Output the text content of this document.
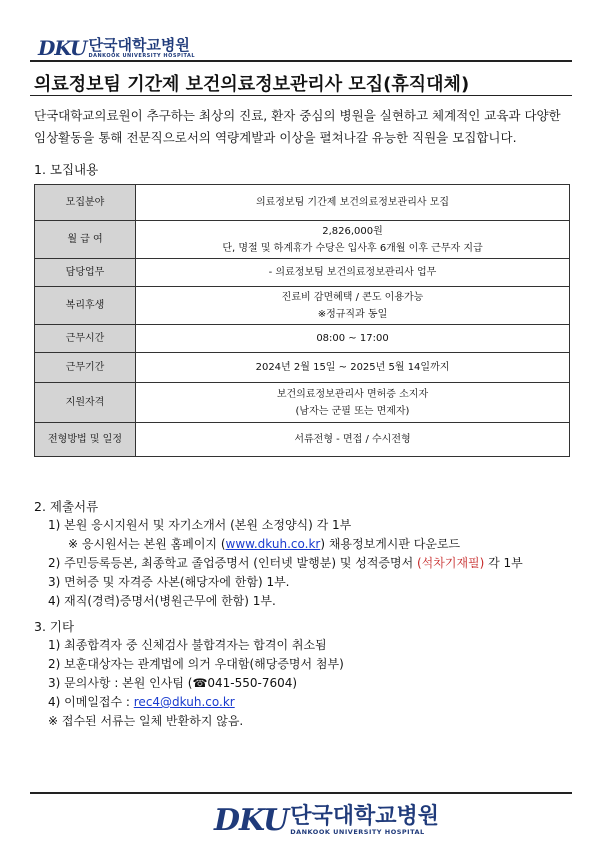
DKU 단국대학교병원
DANKOOK UNIVERSITY HOSPITAL
의료정보팀 기간제 보건의료정보관리사 모집(휴직대체)

단국대학교의료원이 추구하는 최상의 진료, 환자 중심의 병원을 실현하고 체계적인 교육과 다양한 임상활동을 통해 전문직으로서의 역량계발과 이상을 펼쳐나갈 유능한 직원을 모집합니다.

1. 모집내용

모집분야	의료정보팀 기간제 보건의료정보관리사 모집

월 급 여	2,826,000원
단, 명절 및 하계휴가 수당은 입사후 6개월 이후 근무자 지급

담당업무	- 의료정보팀 보건의료정보관리사 업무

복리후생	진료비 감면혜택 / 콘도 이용가능
※정규직과 동일

근무시간	08:00 ~ 17:00

근무기간	2024년 2월 15일 ~ 2025년 5월 14일까지

지원자격	보건의료정보관리사 면허증 소지자
(남자는 군필 또는 면제자)

전형방법 및 일정	서류전형 - 면접 / 수시전형

2. 제출서류

1) 본원 응시지원서 및 자기소개서 (본원 소정양식) 각 1부
※ 응시원서는 본원 홈페이지 (www.dkuh.co.kr) 채용정보게시판 다운로드
2) 주민등록등본, 최종학교 졸업증명서 (인터넷 발행분) 및 성적증명서 (석차기재필) 각 1부
3) 면허증 및 자격증 사본(해당자에 한함) 1부.
4) 재직(경력)증명서(병원근무에 한함) 1부.

3. 기타

1) 최종합격자 중 신체검사 불합격자는 합격이 취소됨
2) 보훈대상자는 관계법에 의거 우대함(해당증명서 첨부)
3) 문의사항 : 본원 인사팀 (☎041-550-7604)
4) 이메일접수 : rec4@dkuh.co.kr
※ 접수된 서류는 일체 반환하지 않음.
DKU 단국대학교병원
DANKOOK UNIVERSITY HOSPITAL
